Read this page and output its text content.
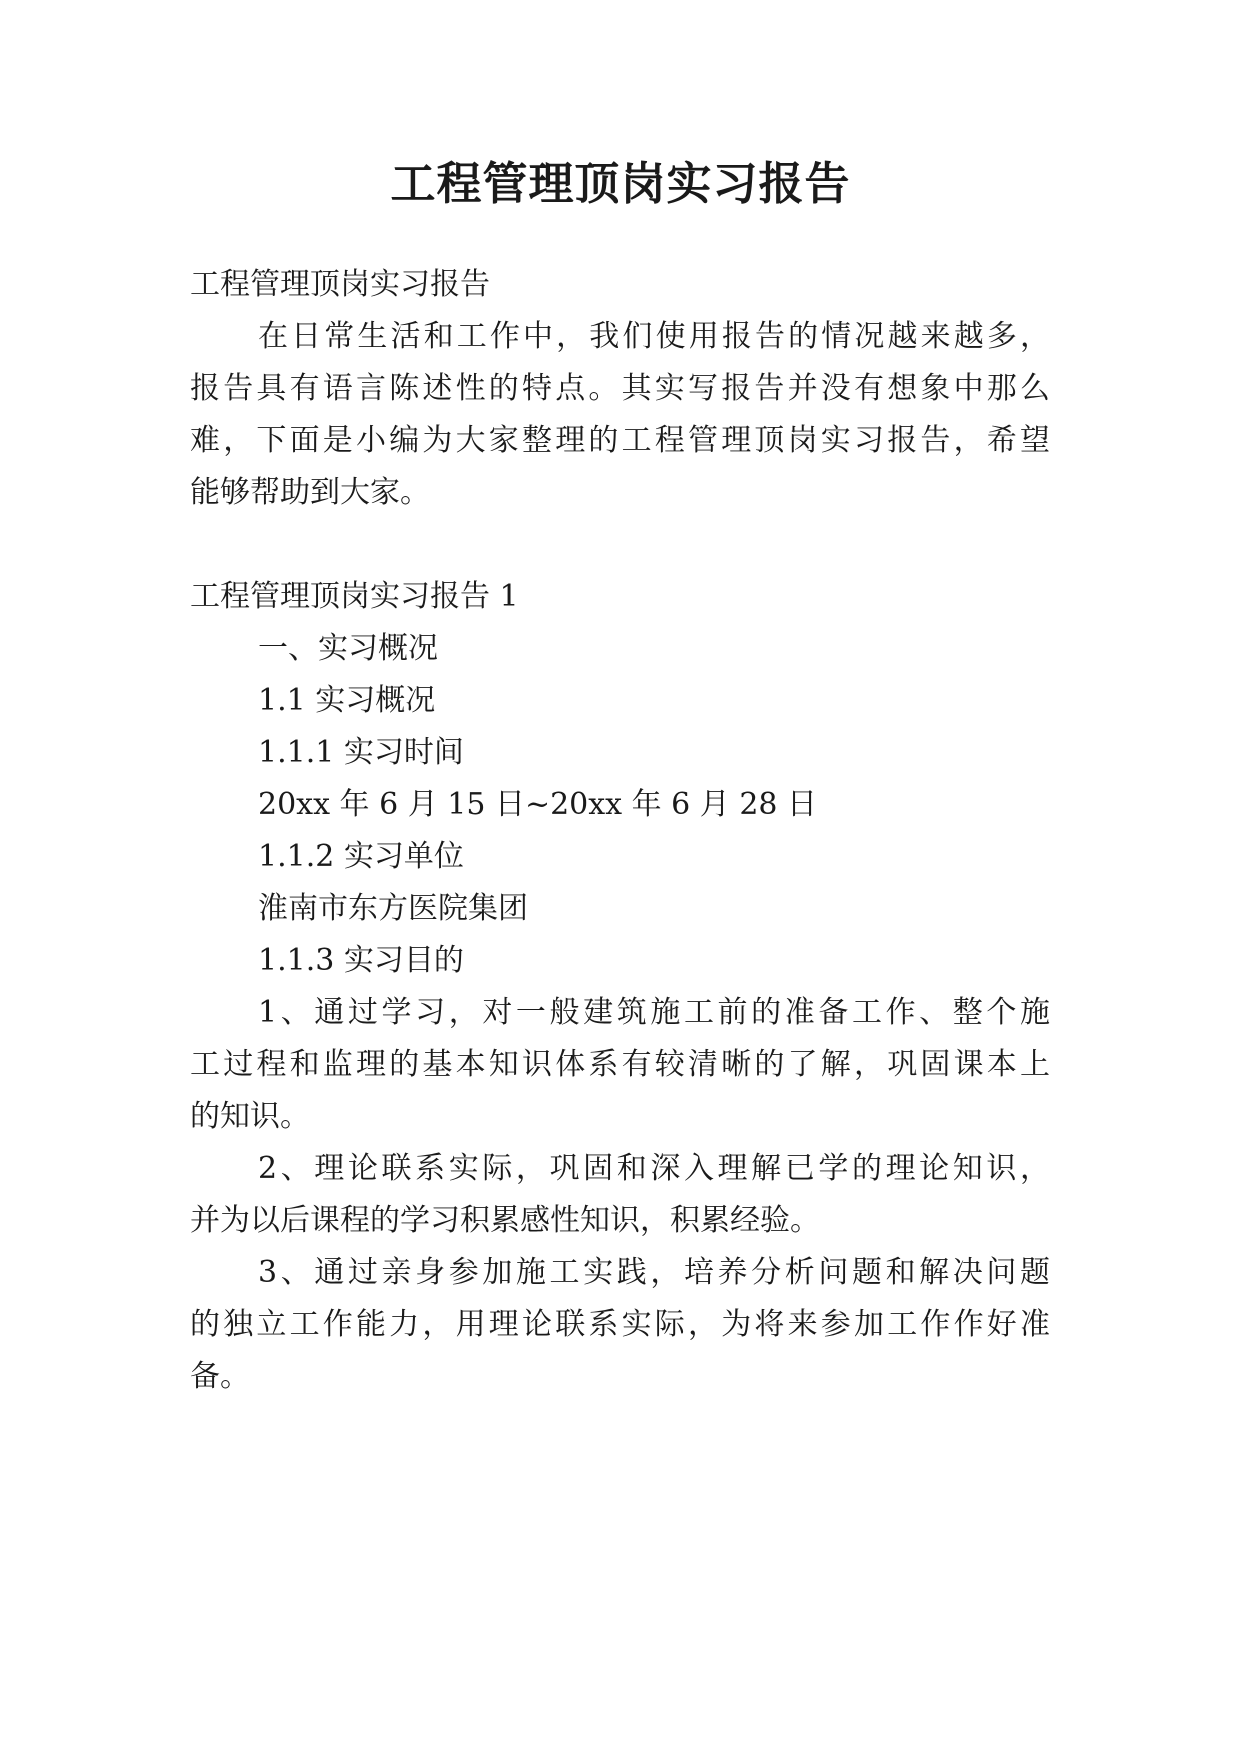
工程管理顶岗实习报告

工程管理顶岗实习报告

在日常生活和工作中，我们使用报告的情况越来越多，

报告具有语言陈述性的特点。其实写报告并没有想象中那么

难，下面是小编为大家整理的工程管理顶岗实习报告，希望

能够帮助到大家。

工程管理顶岗实习报告 1

一、实习概况

1.1 实习概况

1.1.1 实习时间

20xx 年 6 月 15 日~20xx 年 6 月 28 日

1.1.2 实习单位

淮南市东方医院集团

1.1.3 实习目的

1、通过学习，对一般建筑施工前的准备工作、整个施

工过程和监理的基本知识体系有较清晰的了解，巩固课本上

的知识。

2、理论联系实际，巩固和深入理解已学的理论知识，

并为以后课程的学习积累感性知识，积累经验。

3、通过亲身参加施工实践，培养分析问题和解决问题

的独立工作能力，用理论联系实际，为将来参加工作作好准

备。
